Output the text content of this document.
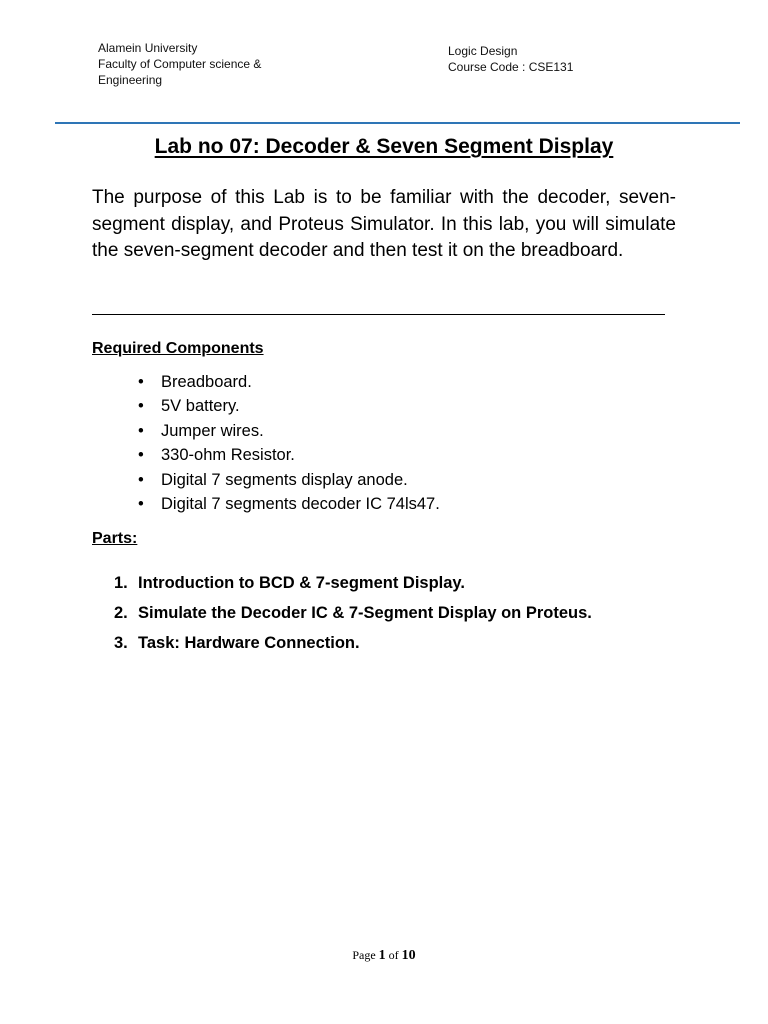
Alamein University
Faculty of Computer science &
Engineering
Logic Design
Course Code : CSE131
Lab no 07: Decoder & Seven Segment Display

The purpose of this Lab is to be familiar with the decoder, seven-segment display, and Proteus Simulator. In this lab, you will simulate the seven-segment decoder and then test it on the breadboard.

Required Components

• Breadboard.
• 5V battery.
• Jumper wires.
• 330-ohm Resistor.
• Digital 7 segments display anode.
• Digital 7 segments decoder IC 74ls47.

Parts:

1. Introduction to BCD & 7-segment Display.
2. Simulate the Decoder IC & 7-Segment Display on Proteus.
3. Task: Hardware Connection.
Page 1 of 10
